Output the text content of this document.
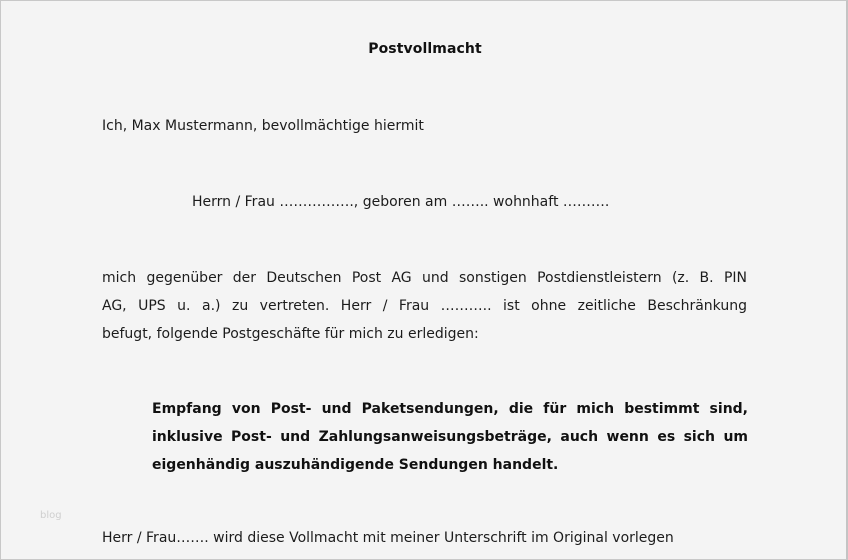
Postvollmacht
Ich, Max Mustermann, bevollmächtige hiermit
Herrn / Frau ……………., geboren am …….. wohnhaft ……….
mich gegenüber der Deutschen Post AG und sonstigen Postdienstleistern (z. B. PIN
AG, UPS u. a.) zu vertreten. Herr / Frau ……….. ist ohne zeitliche Beschränkung
befugt, folgende Postgeschäfte für mich zu erledigen:
Empfang von Post- und Paketsendungen, die für mich bestimmt sind,
inklusive Post- und Zahlungsanweisungsbeträge, auch wenn es sich um
eigenhändig auszuhändigende Sendungen handelt.
blog
Herr / Frau……. wird diese Vollmacht mit meiner Unterschrift im Original vorlegen
